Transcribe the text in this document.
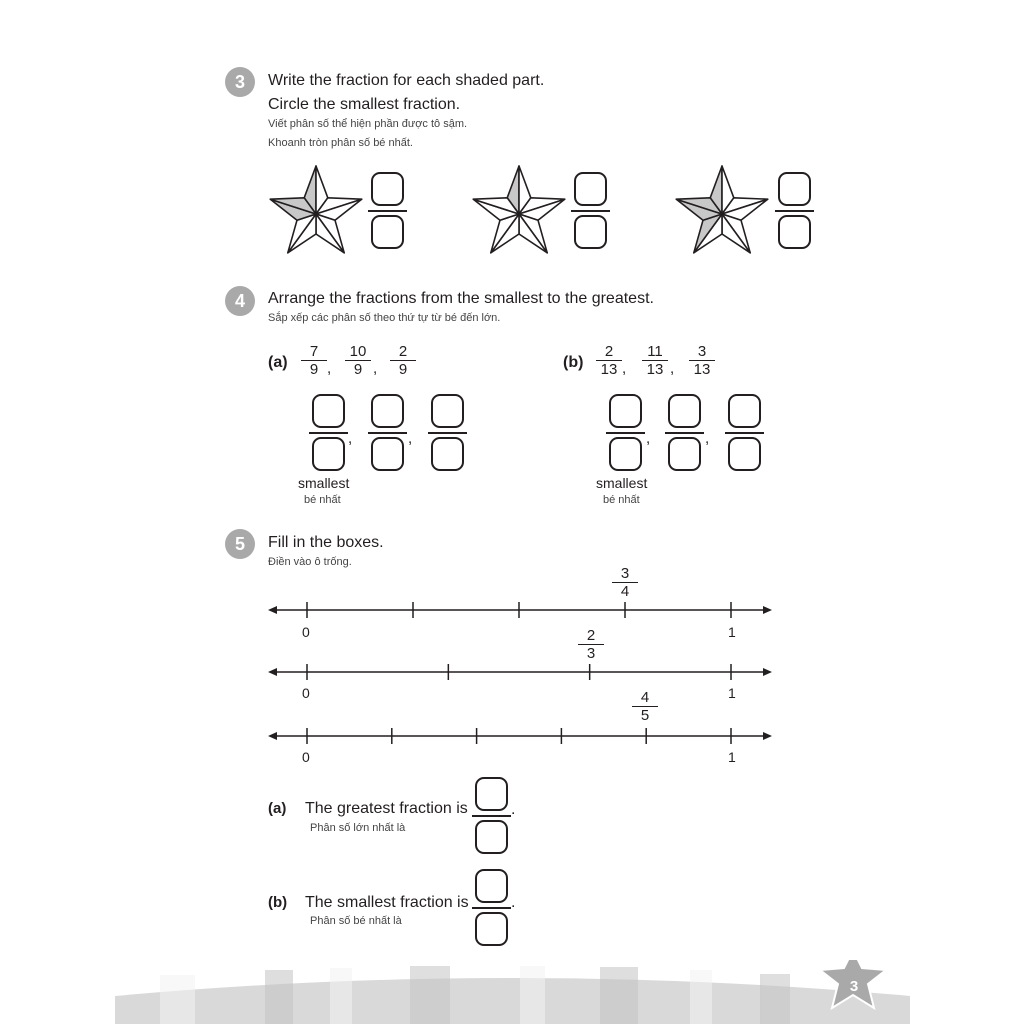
3	Write the fraction for each shaded part.
Circle the smallest fraction.
Viết phân số thể hiện phần được tô sậm.
Khoanh tròn phân số bé nhất.
4	Arrange the fractions from the smallest to the greatest.
Sắp xếp các phân số theo thứ tự từ bé đến lớn.
$(a) \frac{7}{9}$ , $\frac{10}{9}$ , $\frac{2}{9}$
,	,
smallest
bé nhất
$(b) \frac{2}{13}$ , $\frac{11}{13}$ , $\frac{3}{13}$
,	,
smallest
bé nhất
5	Fill in the boxes.
Điền vào ô trống.
$\frac{3}{4}$
0	1
$\frac{2}{3}$
0	1
$\frac{4}{5}$
0	1
(a) The greatest fraction is
Phân số lớn nhất là
.
(b) The smallest fraction is
Phân số bé nhất là
.
3
